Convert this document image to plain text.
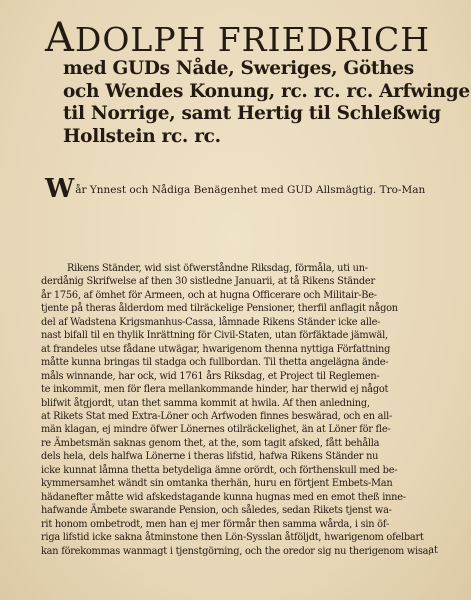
ADOLPH FRIEDRICH
med GUDs Nåde, Sweriges, Göthes
och Wendes Konung, rc. rc. rc. Arfwinge
til Norrige, samt Hertig til Schleßwig
Hollstein rc. rc.
Wår Ynnest och Nådiga Benägenhet med GUD Allsmägtig. Tro-Man
Rikens Ständer, wid sist öfwerståndne Riksdag, förmåla, uti un-
derdånig Skrifwelse af then 30 sistledne Januarii, at tå Rikens Ständer
år 1756, af ömhet för Armeen, och at hugna Officerare och Militair-Be-
tjente på theras ålderdom med tilräckelige Pensioner, therfil anflagit någon
del af Wadstena Krigsmanhus-Cassa, låmnade Rikens Ständer icke alle-
nast bifall til en thylik Inrättning för Civil-Staten, utan förfäktade jämwäl,
at frandeles utse fådane utwägar, hwarigenom thenna nyttiga Författning
måtte kunna bringas til stadga och fullbordan. Til thetta angelägna ände-
måls winnande, har ock, wid 1761 års Riksdag, et Project til Reglemen-
te inkommit, men för flera mellankommande hinder, har therwid ej något
blifwit åtgjordt, utan thet samma kommit at hwila. Af then anledning,
at Rikets Stat med Extra-Löner och Arfwoden finnes beswärad, och en all-
män klagan, ej mindre öfwer Lönernes otilräckelighet, än at Löner för fle-
re Ämbetsmän saknas genom thet, at the, som tagit afsked, fått behålla
dels hela, dels halfwa Lönerne i theras lifstid, hafwa Rikens Ständer nu
icke kunnat låmna thetta betydeliga ämne orördt, och förthenskull med be-
kymmersamhet wändt sin omtanka therhän, huru en förtjent Embets-Man
hädanefter måtte wid afskedstagande kunna hugnas med en emot theß inne-
hafwande Ämbete swarande Pension, och således, sedan Rikets tjenst wa-
rit honom ombetrodt, men han ej mer förmår then samma wårda, i sin öf-
riga lifstid icke sakna åtminstone then Lön-Sysslan åtföljdt, hwarigenom ofelbart
kan förekommas wanmagt i tjenstgörning, och the oredor sig nu therigenom wisa,
at
